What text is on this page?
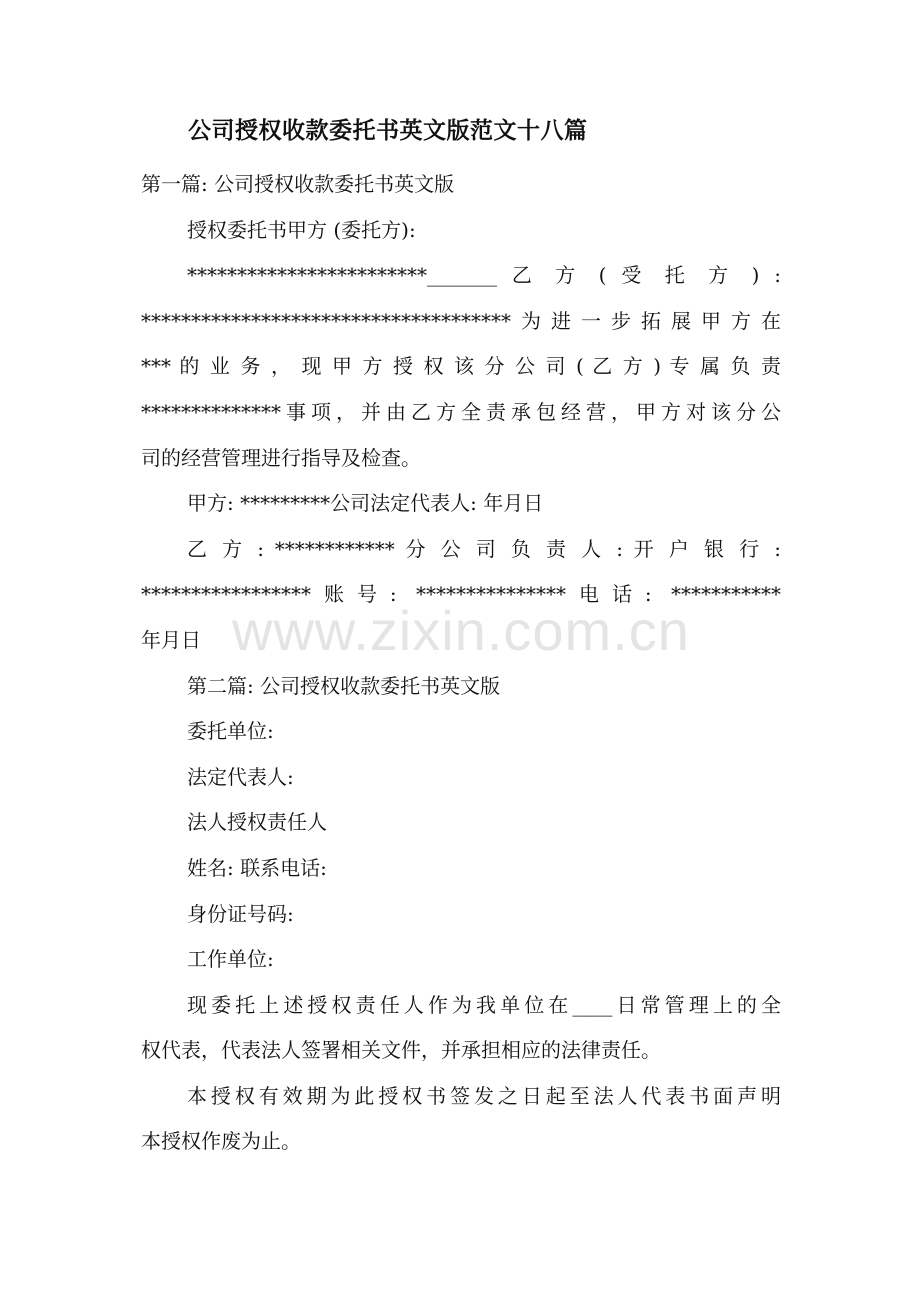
www.zixin.com.cn
公司授权收款委托书英文版范文十八篇

第一篇: 公司授权收款委托书英文版

授权委托书甲方 (委托方):

************************_______ 乙 方 ( 受 托 方 ) :
*************************************为进一步拓展甲方在
*** 的 业 务 ， 现 甲 方 授 权 该 分 公 司 ( 乙 方 ) 专 属 负 责
**************事项，并由乙方全责承包经营，甲方对该分公
司的经营管理进行指导及检查。

甲方: *********公司法定代表人: 年月日

乙 方 : ************ 分 公 司 负 责 人 : 开 户 银 行 :
*****************账号: ***************电话: ***********
年月日

第二篇: 公司授权收款委托书英文版

委托单位:

法定代表人:

法人授权责任人

姓名: 联系电话:

身份证号码:

工作单位:

现委托上述授权责任人作为我单位在____日常管理上的全
权代表，代表法人签署相关文件，并承担相应的法律责任。

本授权有效期为此授权书签发之日起至法人代表书面声明
本授权作废为止。
